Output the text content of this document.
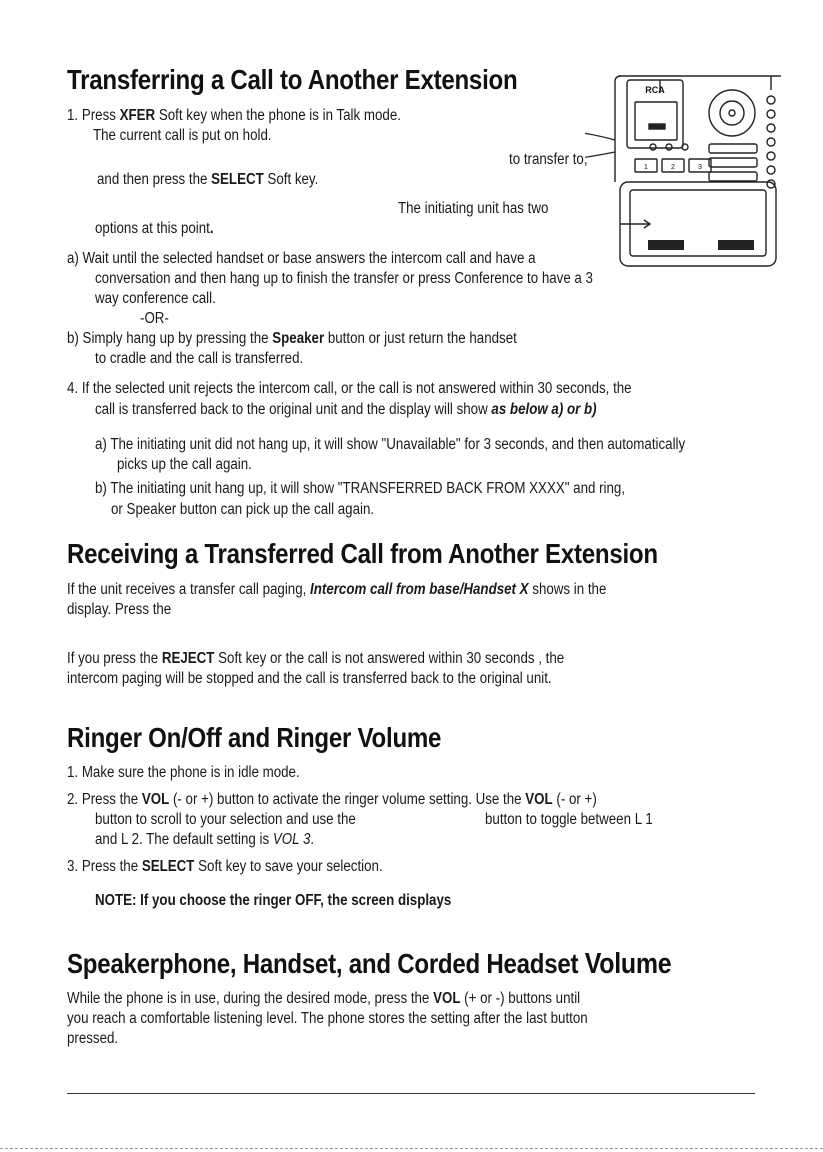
Transferring a Call to Another Extension
1. Press XFER Soft key when the phone is in Talk mode.
The current call is put on hold.
to transfer to,
and then press the SELECT Soft key.
The initiating unit has two
options at this point.
a) Wait until the selected handset or base answers the intercom call and have a
conversation and then hang up to finish the transfer or press Conference to have a 3
way conference call.
-OR-
b) Simply hang up by pressing the Speaker button or just return the handset
to cradle and the call is transferred.
4. If the selected unit rejects the intercom call, or the call is not answered within 30 seconds, the
call is transferred back to the original unit and the display will show as below a) or b)
a) The initiating unit did not hang up, it will show "Unavailable" for 3 seconds, and then automatically
picks up the call again.
b) The initiating unit hang up, it will show "TRANSFERRED BACK FROM XXXX" and ring,
or Speaker button can pick up the call again.
RCA
1	2	3
Receiving a Transferred Call from Another Extension
If the unit receives a transfer call paging, Intercom call from base/Handset X shows in the
display. Press the
If you press the REJECT Soft key or the call is not answered within 30 seconds , the
intercom paging will be stopped and the call is transferred back to the original unit.
Ringer On/Off and Ringer Volume
1. Make sure the phone is in idle mode.
2. Press the VOL (- or +) button to activate the ringer volume setting. Use the VOL (- or +)
button to scroll to your selection and use the	button to toggle between L 1
and L 2. The default setting is VOL 3.
3. Press the SELECT Soft key to save your selection.
NOTE: If you choose the ringer OFF, the screen displays
Speakerphone, Handset, and Corded Headset Volume
While the phone is in use, during the desired mode, press the VOL (+ or -) buttons until
you reach a comfortable listening level. The phone stores the setting after the last button
pressed.
